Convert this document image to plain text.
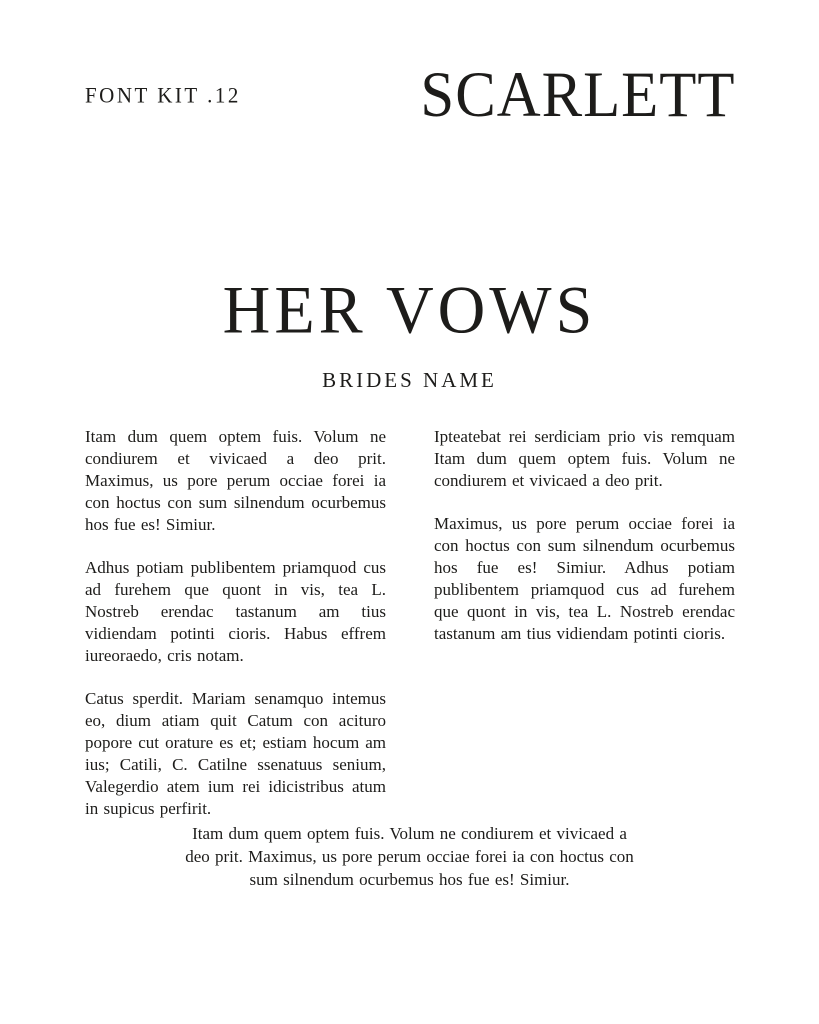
FONT KIT .12	SCARLETT
HER VOWS
BRIDES NAME

Itam dum quem optem fuis. Volum ne condiurem et vivicaed a deo prit. Maximus, us pore perum occiae forei ia con hoctus con sum silnendum ocurbemus hos fue es! Simiur.

Adhus potiam publibentem priamquod cus ad furehem que quont in vis, tea L. Nostreb erendac tastanum am tius vidiendam potinti cioris. Habus effrem iureoraedo, cris notam.

Catus sperdit. Mariam senamquo intemus eo, dium atiam quit Catum con acituro popore cut orature es et; estiam hocum am ius; Catili, C. Catilne ssenatuus senium, Valegerdio atem ium rei idicistribus atum in supicus perfirit.

Ipteatebat rei serdiciam prio vis remquam Itam dum quem optem fuis. Volum ne condiurem et vivicaed a deo prit.

Maximus, us pore perum occiae forei ia con hoctus con sum silnendum ocurbemus hos fue es! Simiur. Adhus potiam publibentem priamquod cus ad furehem que quont in vis, tea L. Nostreb erendac tastanum am tius vidiendam potinti cioris.

Itam dum quem optem fuis. Volum ne condiurem et vivicaed a deo prit. Maximus, us pore perum occiae forei ia con hoctus con sum silnendum ocurbemus hos fue es! Simiur.
